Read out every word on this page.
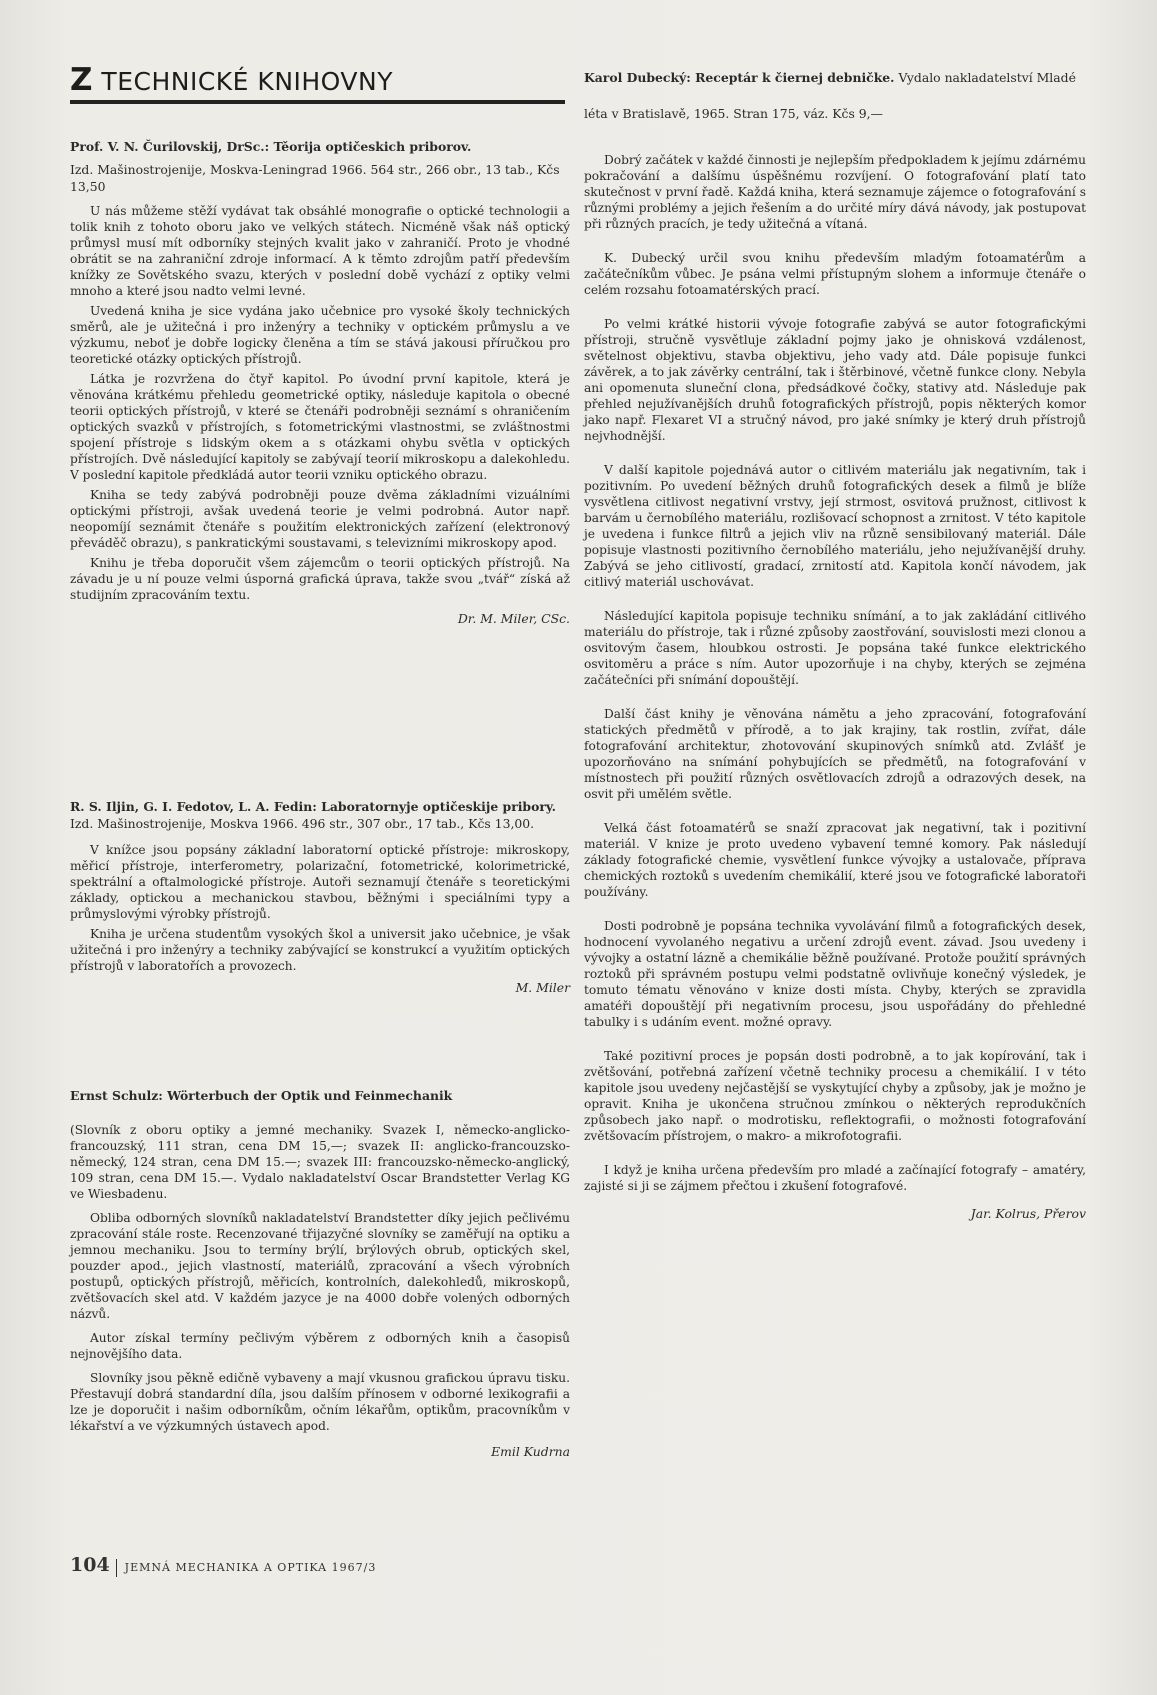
Z TECHNICKÉ KNIHOVNY

Prof. V. N. Čurilovskij, DrSc.: Těorija optičeskich priborov.

Izd. Mašinostrojenije, Moskva-Leningrad 1966. 564 str., 266 obr., 13 tab., Kčs 13,50

U nás můžeme stěží vydávat tak obsáhlé monografie o optické technologii a tolik knih z tohoto oboru jako ve velkých státech. Nicméně však náš optický průmysl musí mít odborníky stejných kvalit jako v zahraničí. Proto je vhodné obrátit se na zahraniční zdroje informací. A k těmto zdrojům patří především knížky ze Sovětského svazu, kterých v poslední době vychází z optiky velmi mnoho a které jsou nadto velmi levné.

Uvedená kniha je sice vydána jako učebnice pro vysoké školy technických směrů, ale je užitečná i pro inženýry a techniky v optickém průmyslu a ve výzkumu, neboť je dobře logicky členěna a tím se stává jakousi příručkou pro teoretické otázky optických přístrojů.

Látka je rozvržena do čtyř kapitol. Po úvodní první kapitole, která je věnována krátkému přehledu geometrické optiky, následuje kapitola o obecné teorii optických přístrojů, v které se čtenáři podrobněji seznámí s ohraničením optických svazků v přístrojích, s fotometrickými vlastnostmi, se zvláštnostmi spojení přístroje s lidským okem a s otázkami ohybu světla v optických přístrojích. Dvě následující kapitoly se zabývají teorií mikroskopu a dalekohledu. V poslední kapitole předkládá autor teorii vzniku optického obrazu.

Kniha se tedy zabývá podrobněji pouze dvěma základními vizuálními optickými přístroji, avšak uvedená teorie je velmi podrobná. Autor např. neopomíjí seznámit čtenáře s použitím elektronických zařízení (elektronový převáděč obrazu), s pankratickými soustavami, s televizními mikroskopy apod.

Knihu je třeba doporučit všem zájemcům o teorii optických přístrojů. Na závadu je u ní pouze velmi úsporná grafická úprava, takže svou „tvář“ získá až studijním zpracováním textu.

Dr. M. Miler, CSc.

R. S. Iljin, G. I. Fedotov, L. A. Fedin: Laboratornyje optičeskije pribory.

Izd. Mašinostrojenije, Moskva 1966. 496 str., 307 obr., 17 tab., Kčs 13,00.

V knížce jsou popsány základní laboratorní optické přístroje: mikroskopy, měřicí přístroje, interferometry, polarizační, fotometrické, kolorimetrické, spektrální a oftalmologické přístroje. Autoři seznamují čtenáře s teoretickými základy, optickou a mechanickou stavbou, běžnými i speciálními typy a průmyslovými výrobky přístrojů.

Kniha je určena studentům vysokých škol a universit jako učebnice, je však užitečná i pro inženýry a techniky zabývající se konstrukcí a využitím optických přístrojů v laboratořích a provozech.

M. Miler

Ernst Schulz: Wörterbuch der Optik und Feinmechanik

(Slovník z oboru optiky a jemné mechaniky. Svazek I, německo-anglicko-francouzský, 111 stran, cena DM 15,—; svazek II: anglicko-francouzsko-německý, 124 stran, cena DM 15.—; svazek III: francouzsko-německo-anglický, 109 stran, cena DM 15.—. Vydalo nakladatelství Oscar Brandstetter Verlag KG ve Wiesbadenu.

Obliba odborných slovníků nakladatelství Brandstetter díky jejich pečlivému zpracování stále roste. Recenzované třijazyčné slovníky se zaměřují na optiku a jemnou mechaniku. Jsou to termíny brýlí, brýlových obrub, optických skel, pouzder apod., jejich vlastností, materiálů, zpracování a všech výrobních postupů, optických přístrojů, měřicích, kontrolních, dalekohledů, mikroskopů, zvětšovacích skel atd. V každém jazyce je na 4000 dobře volených odborných názvů.

Autor získal termíny pečlivým výběrem z odborných knih a časopisů nejnovějšího data.

Slovníky jsou pěkně edičně vybaveny a mají vkusnou grafickou úpravu tisku. Přestavují dobrá standardní díla, jsou dalším přínosem v odborné lexikografii a lze je doporučit i našim odborníkům, očním lékařům, optikům, pracovníkům v lékařství a ve výzkumných ústavech apod.

Emil Kudrna

Karol Dubecký: Receptár k čiernej debničke. Vydalo nakladatelství Mladé léta v Bratislavě, 1965. Stran 175, váz. Kčs 9,—

Dobrý začátek v každé činnosti je nejlepším předpokladem k jejímu zdárnému pokračování a dalšímu úspěšnému rozvíjení. O fotografování platí tato skutečnost v první řadě. Každá kniha, která seznamuje zájemce o fotografování s různými problémy a jejich řešením a do určité míry dává návody, jak postupovat při různých pracích, je tedy užitečná a vítaná.

K. Dubecký určil svou knihu především mladým fotoamatérům a začátečníkům vůbec. Je psána velmi přístupným slohem a informuje čtenáře o celém rozsahu fotoamatérských prací.

Po velmi krátké historii vývoje fotografie zabývá se autor fotografickými přístroji, stručně vysvětluje základní pojmy jako je ohnisková vzdálenost, světelnost objektivu, stavba objektivu, jeho vady atd. Dále popisuje funkci závěrek, a to jak závěrky centrální, tak i štěrbinové, včetně funkce clony. Nebyla ani opomenuta sluneční clona, předsádkové čočky, stativy atd. Následuje pak přehled nejužívanějších druhů fotografických přístrojů, popis některých komor jako např. Flexaret VI a stručný návod, pro jaké snímky je který druh přístrojů nejvhodnější.

V další kapitole pojednává autor o citlivém materiálu jak negativním, tak i pozitivním. Po uvedení běžných druhů fotografických desek a filmů je blíže vysvětlena citlivost negativní vrstvy, její strmost, osvitová pružnost, citlivost k barvám u černobílého materiálu, rozlišovací schopnost a zrnitost. V této kapitole je uvedena i funkce filtrů a jejich vliv na různě sensibilovaný materiál. Dále popisuje vlastnosti pozitivního černobílého materiálu, jeho nejužívanější druhy. Zabývá se jeho citlivostí, gradací, zrnitostí atd. Kapitola končí návodem, jak citlivý materiál uschovávat.

Následující kapitola popisuje techniku snímání, a to jak zakládání citlivého materiálu do přístroje, tak i různé způsoby zaostřování, souvislosti mezi clonou a osvitovým časem, hloubkou ostrosti. Je popsána také funkce elektrického osvitoměru a práce s ním. Autor upozorňuje i na chyby, kterých se zejména začátečníci při snímání dopouštějí.

Další část knihy je věnována námětu a jeho zpracování, fotografování statických předmětů v přírodě, a to jak krajiny, tak rostlin, zvířat, dále fotografování architektur, zhotovování skupinových snímků atd. Zvlášť je upozorňováno na snímání pohybujících se předmětů, na fotografování v místnostech při použití různých osvětlovacích zdrojů a odrazových desek, na osvit při umělém světle.

Velká část fotoamatérů se snaží zpracovat jak negativní, tak i pozitivní materiál. V knize je proto uvedeno vybavení temné komory. Pak následují základy fotografické chemie, vysvětlení funkce vývojky a ustalovače, příprava chemických roztoků s uvedením chemikálií, které jsou ve fotografické laboratoři používány.

Dosti podrobně je popsána technika vyvolávání filmů a fotografických desek, hodnocení vyvolaného negativu a určení zdrojů event. závad. Jsou uvedeny i vývojky a ostatní lázně a chemikálie běžně používané. Protože použití správných roztoků při správném postupu velmi podstatně ovlivňuje konečný výsledek, je tomuto tématu věnováno v knize dosti místa. Chyby, kterých se zpravidla amatéři dopouštějí při negativním procesu, jsou uspořádány do přehledné tabulky i s udáním event. možné opravy.

Také pozitivní proces je popsán dosti podrobně, a to jak kopírování, tak i zvětšování, potřebná zařízení včetně techniky procesu a chemikálií. I v této kapitole jsou uvedeny nejčastější se vyskytující chyby a způsoby, jak je možno je opravit. Kniha je ukončena stručnou zmínkou o některých reprodukčních způsobech jako např. o modrotisku, reflektografii, o možnosti fotografování zvětšovacím přístrojem, o makro- a mikrofotografii.

I když je kniha určena především pro mladé a začínající fotografy – amatéry, zajisté si ji se zájmem přečtou i zkušení fotografové.

Jar. Kolrus, Přerov

104 JEMNÁ MECHANIKA A OPTIKA 1967/3
